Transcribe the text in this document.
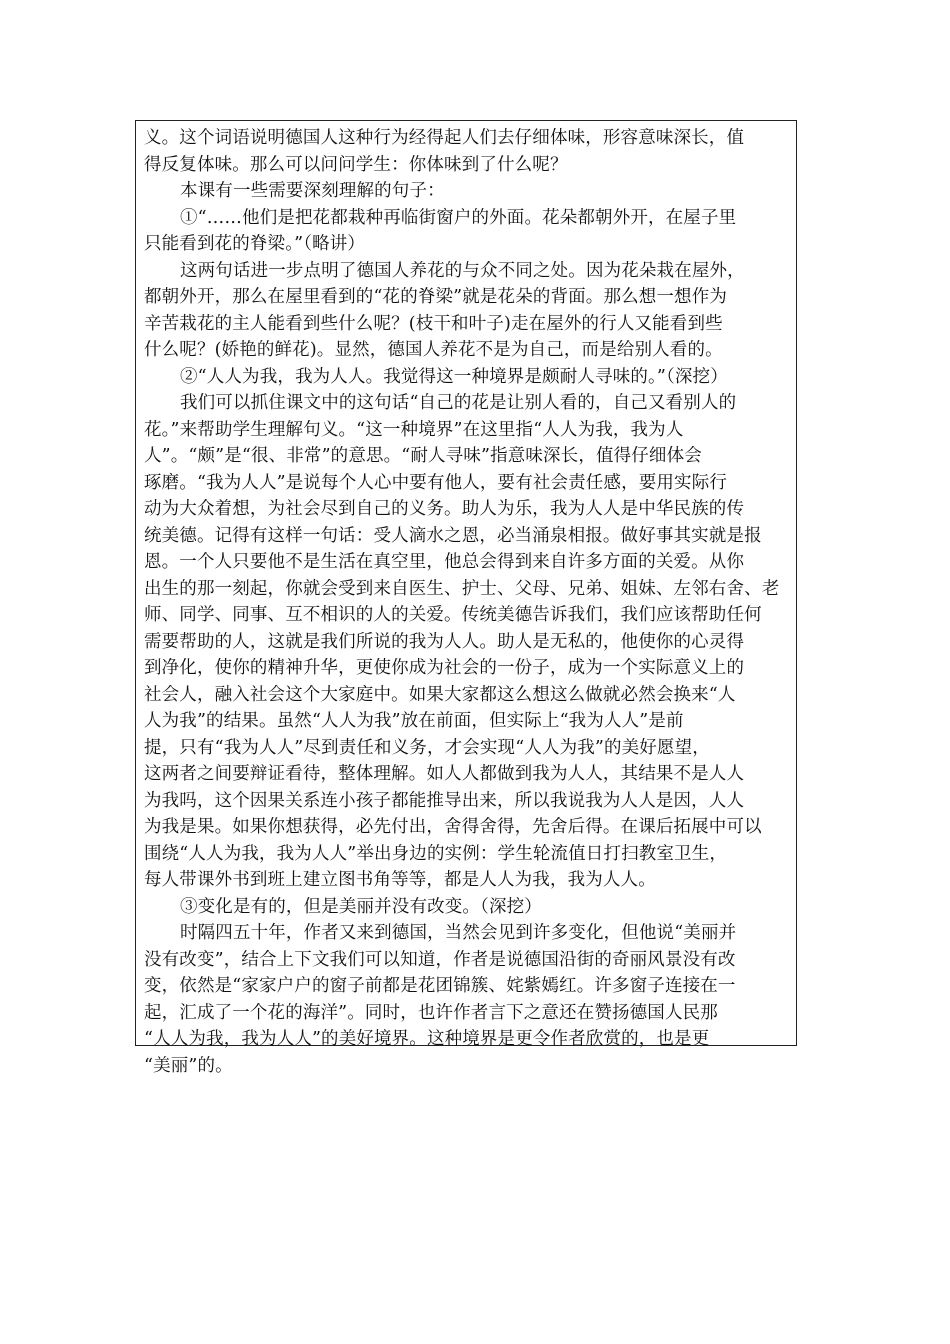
义。这个词语说明德国人这种行为经得起人们去仔细体味，形容意味深长，值
得反复体味。那么可以问问学生：你体味到了什么呢？
本课有一些需要深刻理解的句子：
①“……他们是把花都栽种再临街窗户的外面。花朵都朝外开，在屋子里
只能看到花的脊梁。”（略讲）
这两句话进一步点明了德国人养花的与众不同之处。因为花朵栽在屋外，
都朝外开，那么在屋里看到的“花的脊梁”就是花朵的背面。那么想一想作为
辛苦栽花的主人能看到些什么呢？(枝干和叶子)走在屋外的行人又能看到些
什么呢？(娇艳的鲜花)。显然，德国人养花不是为自己，而是给别人看的。
②“人人为我，我为人人。我觉得这一种境界是颇耐人寻味的。”（深挖）
我们可以抓住课文中的这句话“自己的花是让别人看的，自己又看别人的
花。”来帮助学生理解句义。“这一种境界”在这里指“人人为我，我为人
人”。“颇”是“很、非常”的意思。“耐人寻味”指意味深长，值得仔细体会
琢磨。“我为人人”是说每个人心中要有他人，要有社会责任感，要用实际行
动为大众着想，为社会尽到自己的义务。助人为乐，我为人人是中华民族的传
统美德。记得有这样一句话：受人滴水之恩，必当涌泉相报。做好事其实就是报
恩。一个人只要他不是生活在真空里，他总会得到来自许多方面的关爱。从你
出生的那一刻起，你就会受到来自医生、护士、父母、兄弟、姐妹、左邻右舍、老
师、同学、同事、互不相识的人的关爱。传统美德告诉我们，我们应该帮助任何
需要帮助的人，这就是我们所说的我为人人。助人是无私的，他使你的心灵得
到净化，使你的精神升华，更使你成为社会的一份子，成为一个实际意义上的
社会人，融入社会这个大家庭中。如果大家都这么想这么做就必然会换来“人
人为我”的结果。虽然“人人为我”放在前面，但实际上“我为人人”是前
提，只有“我为人人”尽到责任和义务，才会实现“人人为我”的美好愿望，
这两者之间要辩证看待，整体理解。如人人都做到我为人人，其结果不是人人
为我吗，这个因果关系连小孩子都能推导出来，所以我说我为人人是因，人人
为我是果。如果你想获得，必先付出，舍得舍得，先舍后得。在课后拓展中可以
围绕“人人为我，我为人人”举出身边的实例：学生轮流值日打扫教室卫生，
每人带课外书到班上建立图书角等等，都是人人为我，我为人人。
③变化是有的，但是美丽并没有改变。（深挖）
时隔四五十年，作者又来到德国，当然会见到许多变化，但他说“美丽并
没有改变”，结合上下文我们可以知道，作者是说德国沿街的奇丽风景没有改
变，依然是“家家户户的窗子前都是花团锦簇、姹紫嫣红。许多窗子连接在一
起，汇成了一个花的海洋”。同时，也许作者言下之意还在赞扬德国人民那
“人人为我，我为人人”的美好境界。这种境界是更令作者欣赏的，也是更
“美丽”的。
